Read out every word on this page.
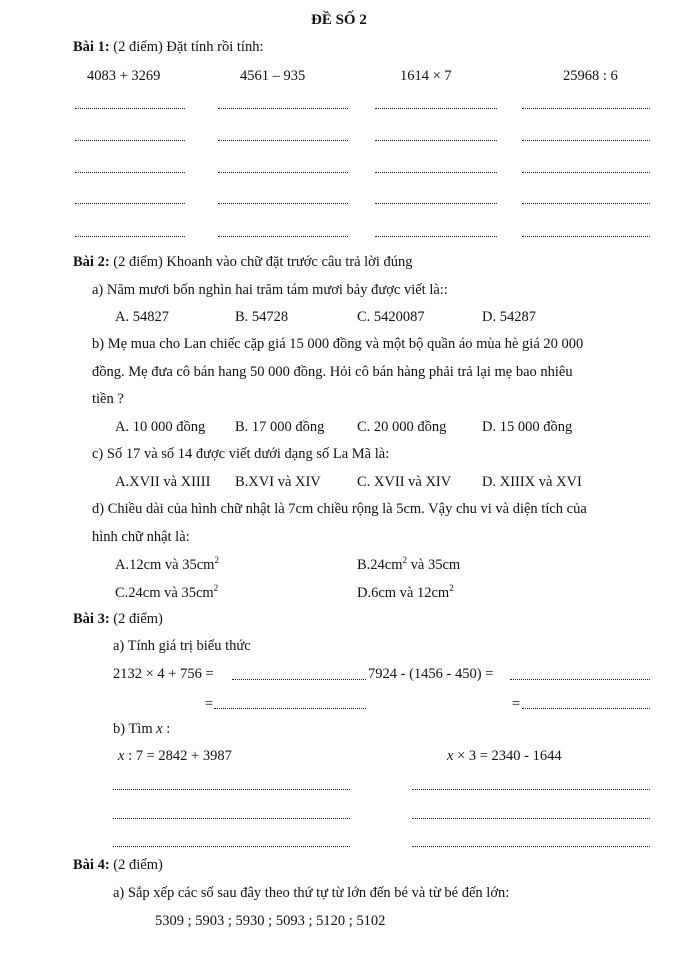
ĐỀ SỐ 2
Bài 1: (2 điểm) Đặt tính rồi tính:
4083 + 3269	4561 – 935	1614 × 7	25968 : 6
Bài 2: (2 điểm) Khoanh vào chữ đặt trước câu trả lời đúng
a) Năm mươi bốn nghìn hai trăm tám mươi bảy được viết là::
A. 54827	B. 54728	C. 5420087	D. 54287
b) Mẹ mua cho Lan chiếc cặp giá 15 000 đồng và một bộ quần áo mùa hè giá 20 000
đồng. Mẹ đưa cô bán hang 50 000 đồng. Hỏi cô bán hàng phải trả lại mẹ bao nhiêu
tiền ?
A. 10 000 đồng B. 17 000 đồng C. 20 000 đồng D. 15 000 đồng
c) Số 17 và số 14 được viết dưới dạng số La Mã là:
A.XVII và XIIII B.XVI và XIV C. XVII và XIV D. XIIIX và XVI
d) Chiều dài của hình chữ nhật là 7cm chiều rộng là 5cm. Vậy chu vi và diện tích của
hình chữ nhật là:
A.12cm và $35cm^2$	$B.24cm^2$ và 35cm
C.24cm và $35cm^2$	D.6cm và $12cm^2$
Bài 3: (2 điểm)
a) Tính giá trị biểu thức
2132 × 4 + 756 =	7924 - (1456 - 450) =
=	=
b) Tìm x :
x : 7 = 2842 + 3987	x × 3 = 2340 - 1644
Bài 4: (2 điểm)
a) Sắp xếp các số sau đây theo thứ tự từ lớn đến bé và từ bé đến lớn:
5309 ; 5903 ; 5930 ; 5093 ; 5120 ; 5102
